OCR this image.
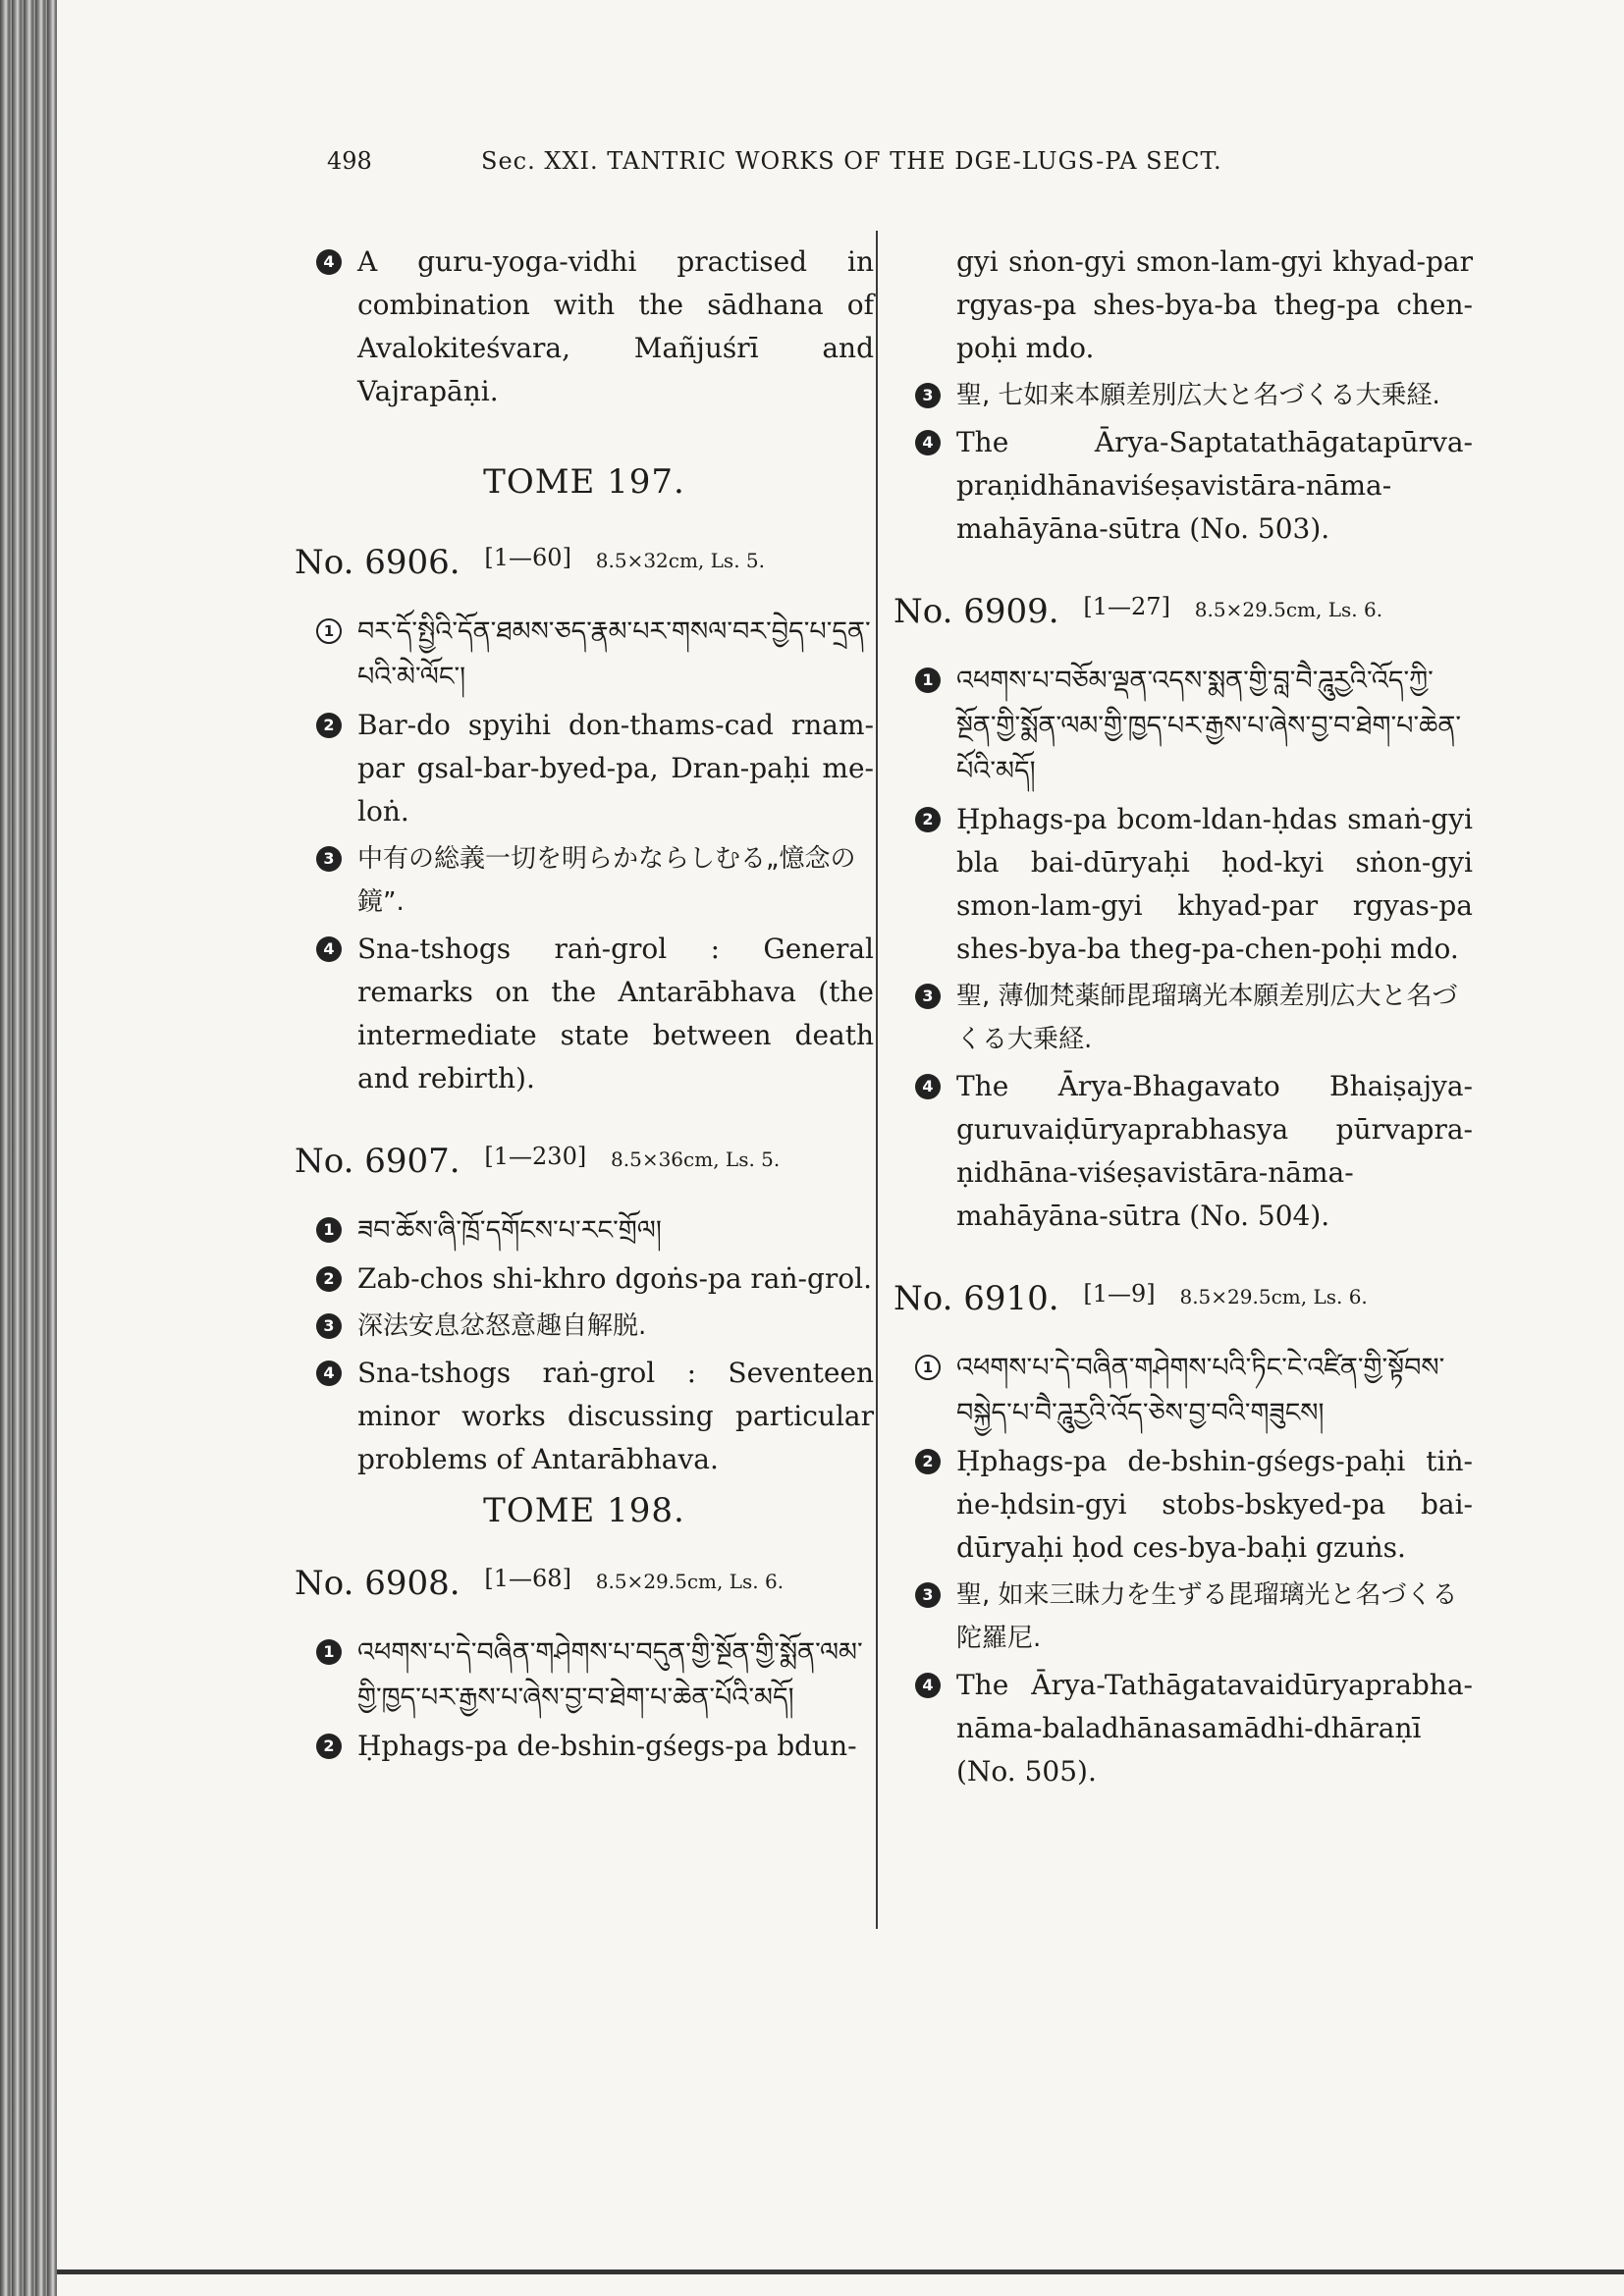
498	Sec. XXI. TANTRIC WORKS OF THE DGE-LUGS-PA SECT.
4 A guru-yoga-vidhi practised in combination with the sādhana of Avalokiteśvara, Mañjuśrī and Vajrapāṇi.
TOME 197.
No. 6906. [1—60] 8.5×32cm, Ls. 5.
1 བར་དོ་སྤྱིའི་དོན་ཐམས་ཅད་རྣམ་པར་གསལ་བར་བྱེད་པ་དྲན་པའི་མེ་ལོང་།
2 Bar-do spyihi don-thams-cad rnam-par gsal-bar-byed-pa, Dran-paḥi me-loṅ.
3 中有の総義一切を明らかならしむる„憶念の鏡”.
4 Sna-tshogs raṅ-grol : General remarks on the Antarābhava (the intermediate state between death and rebirth).
No. 6907. [1—230] 8.5×36cm, Ls. 5.
1 ཟབ་ཆོས་ཞི་ཁྲོ་དགོངས་པ་རང་གྲོལ།
2 Zab-chos shi-khro dgoṅs-pa raṅ-grol.
3 深法安息忿怒意趣自解脱.
4 Sna-tshogs raṅ-grol : Seventeen minor works discussing particular problems of Antarābhava.
TOME 198.
No. 6908. [1—68] 8.5×29.5cm, Ls. 6.
1 འཕགས་པ་དེ་བཞིན་གཤེགས་པ་བདུན་གྱི་སྔོན་གྱི་སྨོན་ལམ་གྱི་ཁྱད་པར་རྒྱས་པ་ཞེས་བྱ་བ་ཐེག་པ་ཆེན་པོའི་མདོ།
2 Ḥphags-pa de-bshin-gśegs-pa bdun-
gyi sṅon-gyi smon-lam-gyi khyad-par rgyas-pa shes-bya-ba theg-pa chen-poḥi mdo.
3 聖, 七如来本願差別広大と名づくる大乗経.
4 The Ārya-Saptatathāgatapūrva-praṇidhānaviśeṣavistāra-nāma-mahāyāna-sūtra (No. 503).
No. 6909. [1—27] 8.5×29.5cm, Ls. 6.
1 འཕགས་པ་བཅོམ་ལྡན་འདས་སྨན་གྱི་བླ་བཻ་ཌཱུརྱའི་འོད་ཀྱི་སྔོན་གྱི་སྨོན་ལམ་གྱི་ཁྱད་པར་རྒྱས་པ་ཞེས་བྱ་བ་ཐེག་པ་ཆེན་པོའི་མདོ།
2 Ḥphags-pa bcom-ldan-ḥdas smaṅ-gyi bla bai-dūryaḥi ḥod-kyi sṅon-gyi smon-lam-gyi khyad-par rgyas-pa shes-bya-ba theg-pa-chen-poḥi mdo.
3 聖, 薄伽梵薬師毘瑠璃光本願差別広大と名づくる大乗経.
4 The Ārya-Bhagavato Bhaiṣajya-guruvaiḍūryaprabhasya pūrvapra-ṇidhāna-viśeṣavistāra-nāma-mahāyāna-sūtra (No. 504).
No. 6910. [1—9] 8.5×29.5cm, Ls. 6.
1 འཕགས་པ་དེ་བཞིན་གཤེགས་པའི་ཏིང་ངེ་འཛིན་གྱི་སྟོབས་བསྐྱེད་པ་བཻ་ཌཱུརྱའི་འོད་ཅེས་བྱ་བའི་གཟུངས།
2 Ḥphags-pa de-bshin-gśegs-paḥi tiṅ-ṅe-ḥdsin-gyi stobs-bskyed-pa bai-dūryaḥi ḥod ces-bya-baḥi gzuṅs.
3 聖, 如来三昧力を生ずる毘瑠璃光と名づくる陀羅尼.
4 The Ārya-Tathāgatavaidūryaprabha-nāma-baladhānasamādhi-dhāraṇī (No. 505).
